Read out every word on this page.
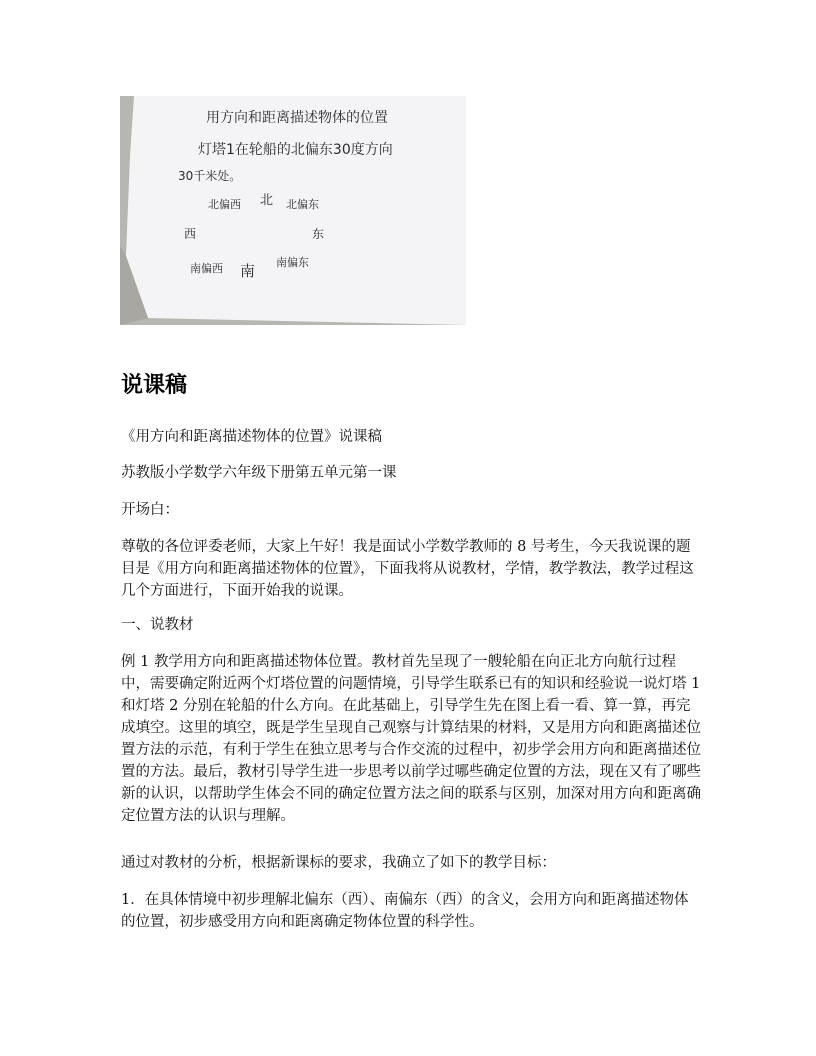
用方向和距离描述物体的位置
灯塔1在轮船的北偏东30度方向
30千米处。
北偏西 北 北偏东
西	东
南偏西 南 南偏东
说课稿

《用方向和距离描述物体的位置》说课稿

苏教版小学数学六年级下册第五单元第一课

开场白：

尊敬的各位评委老师，大家上午好！我是面试小学数学教师的 8 号考生，今天我说课的题目是《用方向和距离描述物体的位置》，下面我将从说教材，学情，教学教法，教学过程这几个方面进行，下面开始我的说课。

一、说教材

例 1 教学用方向和距离描述物体位置。教材首先呈现了一艘轮船在向正北方向航行过程中，需要确定附近两个灯塔位置的问题情境，引导学生联系已有的知识和经验说一说灯塔 1 和灯塔 2 分别在轮船的什么方向。在此基础上，引导学生先在图上看一看、算一算，再完成填空。这里的填空，既是学生呈现自己观察与计算结果的材料，又是用方向和距离描述位置方法的示范，有利于学生在独立思考与合作交流的过程中，初步学会用方向和距离描述位置的方法。最后，教材引导学生进一步思考以前学过哪些确定位置的方法，现在又有了哪些新的认识，以帮助学生体会不同的确定位置方法之间的联系与区别，加深对用方向和距离确定位置方法的认识与理解。

通过对教材的分析，根据新课标的要求，我确立了如下的教学目标：

1．在具体情境中初步理解北偏东（西）、南偏东（西）的含义，会用方向和距离描述物体的位置，初步感受用方向和距离确定物体位置的科学性。
